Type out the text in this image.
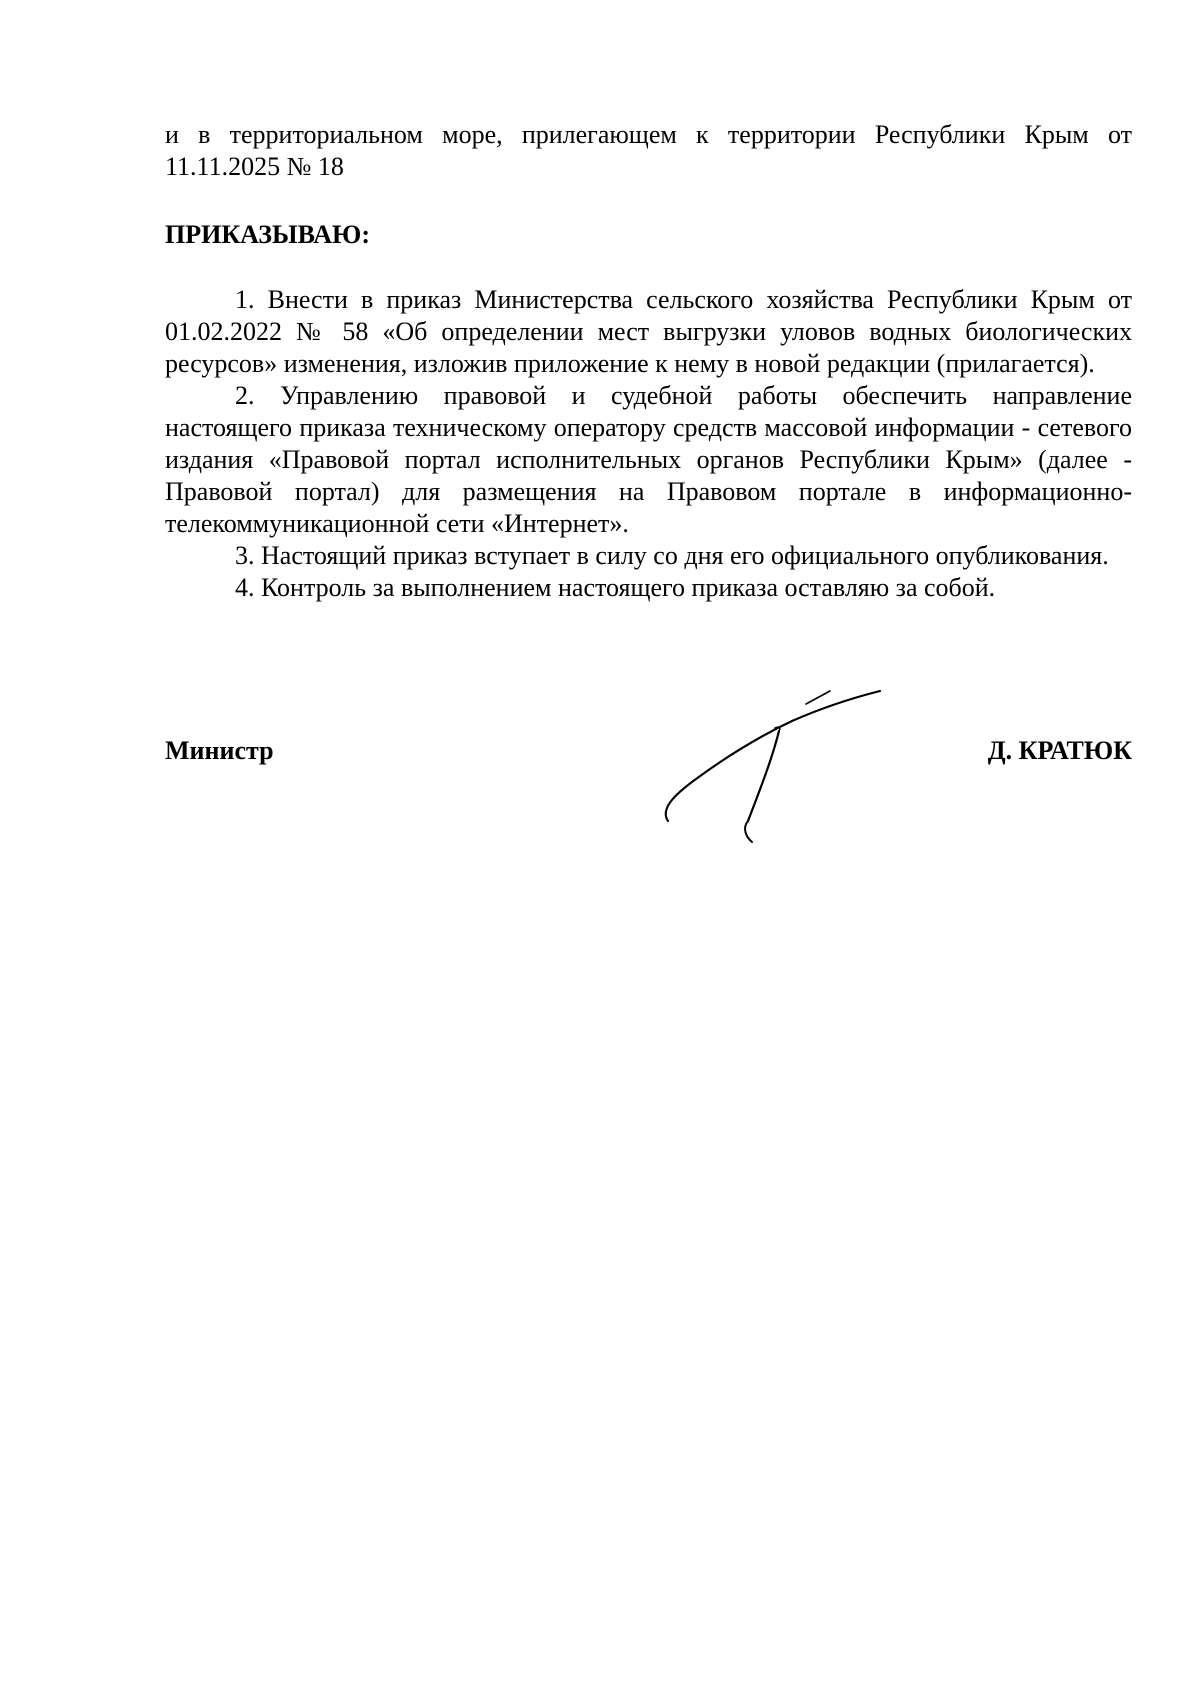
и в территориальном море, прилегающем к территории Республики Крым от 11.11.2025 № 18
ПРИКАЗЫВАЮ:

1. Внести в приказ Министерства сельского хозяйства Республики Крым от 01.02.2022 № 58 «Об определении мест выгрузки уловов водных биологических ресурсов» изменения, изложив приложение к нему в новой редакции (прилагается).

2. Управлению правовой и судебной работы обеспечить направление настоящего приказа техническому оператору средств массовой информации - сетевого издания «Правовой портал исполнительных органов Республики Крым» (далее - Правовой портал) для размещения на Правовом портале в информационно- телекоммуникационной сети «Интернет».

3. Настоящий приказ вступает в силу со дня его официального опубликования.

4. Контроль за выполнением настоящего приказа оставляю за собой.

Министр	Д. КРАТЮК
